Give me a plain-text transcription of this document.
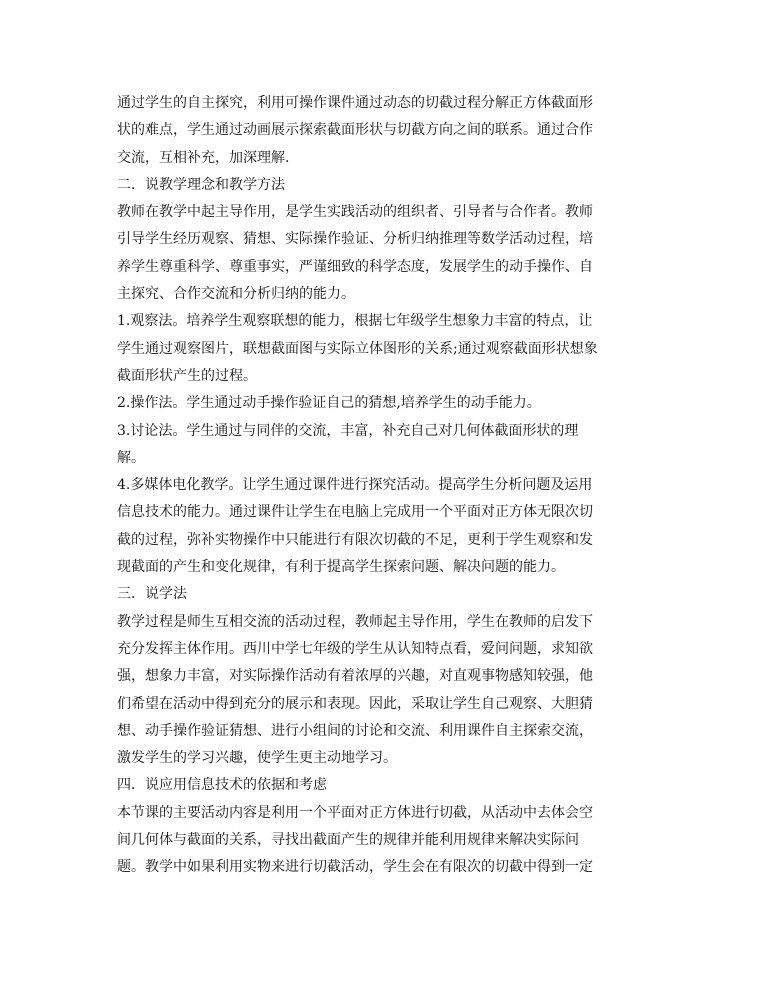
通过学生的自主探究，利用可操作课件通过动态的切截过程分解正方体截面形
状的难点，学生通过动画展示探索截面形状与切截方向之间的联系。通过合作
交流，互相补充，加深理解.
二．说教学理念和教学方法
教师在教学中起主导作用，是学生实践活动的组织者、引导者与合作者。教师
引导学生经历观察、猜想、实际操作验证、分析归纳推理等数学活动过程，培
养学生尊重科学、尊重事实，严谨细致的科学态度，发展学生的动手操作、自
主探究、合作交流和分析归纳的能力。
1.观察法。培养学生观察联想的能力，根据七年级学生想象力丰富的特点，让
学生通过观察图片，联想截面图与实际立体图形的关系;通过观察截面形状想象
截面形状产生的过程。
2.操作法。学生通过动手操作验证自己的猜想,培养学生的动手能力。
3.讨论法。学生通过与同伴的交流，丰富，补充自己对几何体截面形状的理
解。
4.多媒体电化教学。让学生通过课件进行探究活动。提高学生分析问题及运用
信息技术的能力。通过课件让学生在电脑上完成用一个平面对正方体无限次切
截的过程，弥补实物操作中只能进行有限次切截的不足，更利于学生观察和发
现截面的产生和变化规律，有利于提高学生探索问题、解决问题的能力。
三．说学法
教学过程是师生互相交流的活动过程，教师起主导作用，学生在教师的启发下
充分发挥主体作用。西川中学七年级的学生从认知特点看，爱问问题，求知欲
强，想象力丰富，对实际操作活动有着浓厚的兴趣，对直观事物感知较强，他
们希望在活动中得到充分的展示和表现。因此，采取让学生自己观察、大胆猜
想、动手操作验证猜想、进行小组间的讨论和交流、利用课件自主探索交流，
激发学生的学习兴趣，使学生更主动地学习。
四．说应用信息技术的依据和考虑
本节课的主要活动内容是利用一个平面对正方体进行切截，从活动中去体会空
间几何体与截面的关系，寻找出截面产生的规律并能利用规律来解决实际问
题。教学中如果利用实物来进行切截活动，学生会在有限次的切截中得到一定
